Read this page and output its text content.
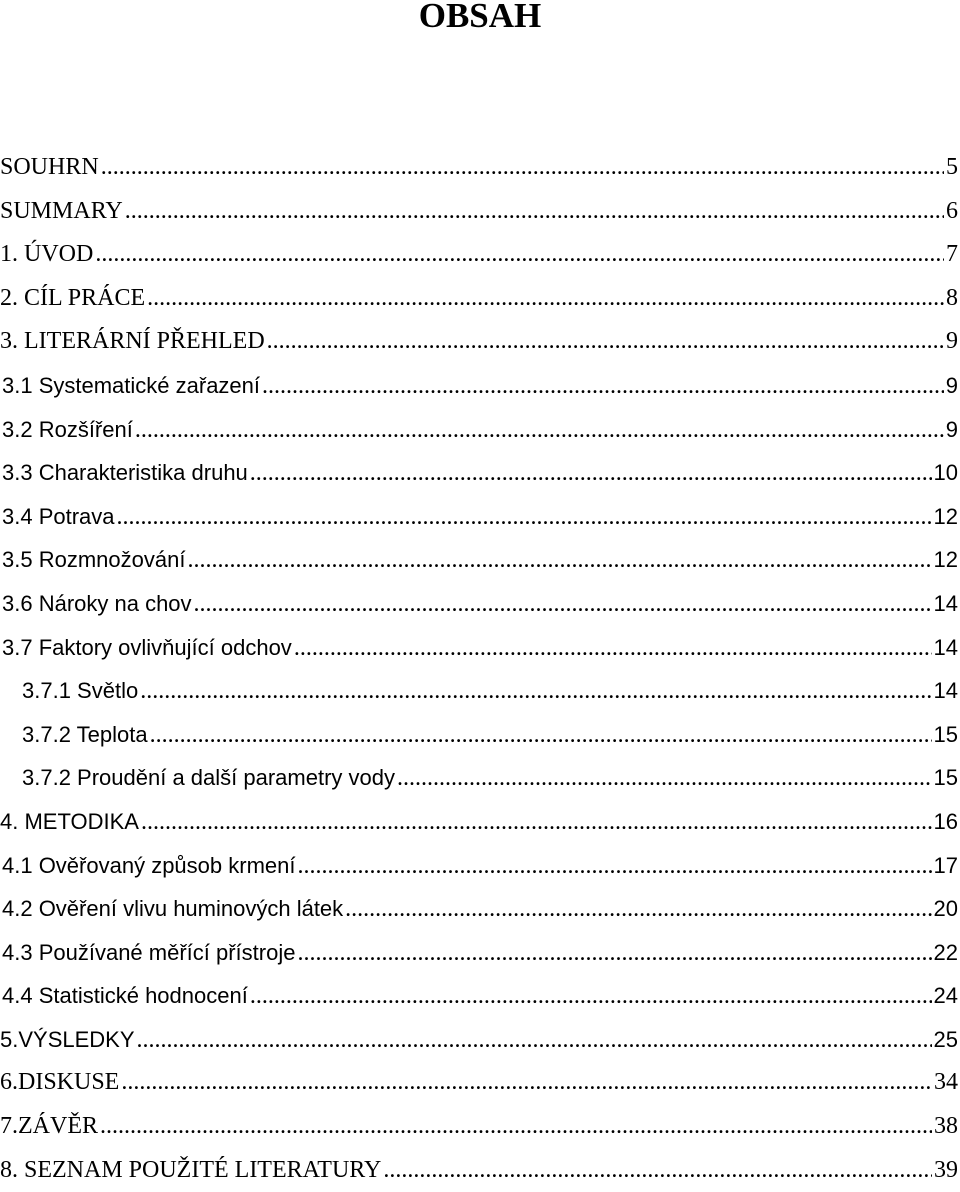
OBSAH
SOUHRN .....	5
SUMMARY .....	6
1. ÚVOD .....	7
2. CÍL PRÁCE .....	8
3. LITERÁRNÍ PŘEHLED .....	9
3.1 Systematické zařazení .....	9
3.2 Rozšíření .....	9
3.3 Charakteristika druhu .....	10
3.4 Potrava .....	12
3.5 Rozmnožování .....	12
3.6 Nároky na chov .....	14
3.7 Faktory ovlivňující odchov .....	14
3.7.1 Světlo .....	14
3.7.2 Teplota .....	15
3.7.2 Proudění a další parametry vody .....	15
4. METODIKA .....	16
4.1 Ověřovaný způsob krmení .....	17
4.2 Ověření vlivu huminových látek .....	20
4.3 Používané měřící přístroje .....	22
4.4 Statistické hodnocení .....	24
5.VÝSLEDKY .....	25
6.DISKUSE .....	34
7.ZÁVĚR .....	38
8. SEZNAM POUŽITÉ LITERATURY .....	39
